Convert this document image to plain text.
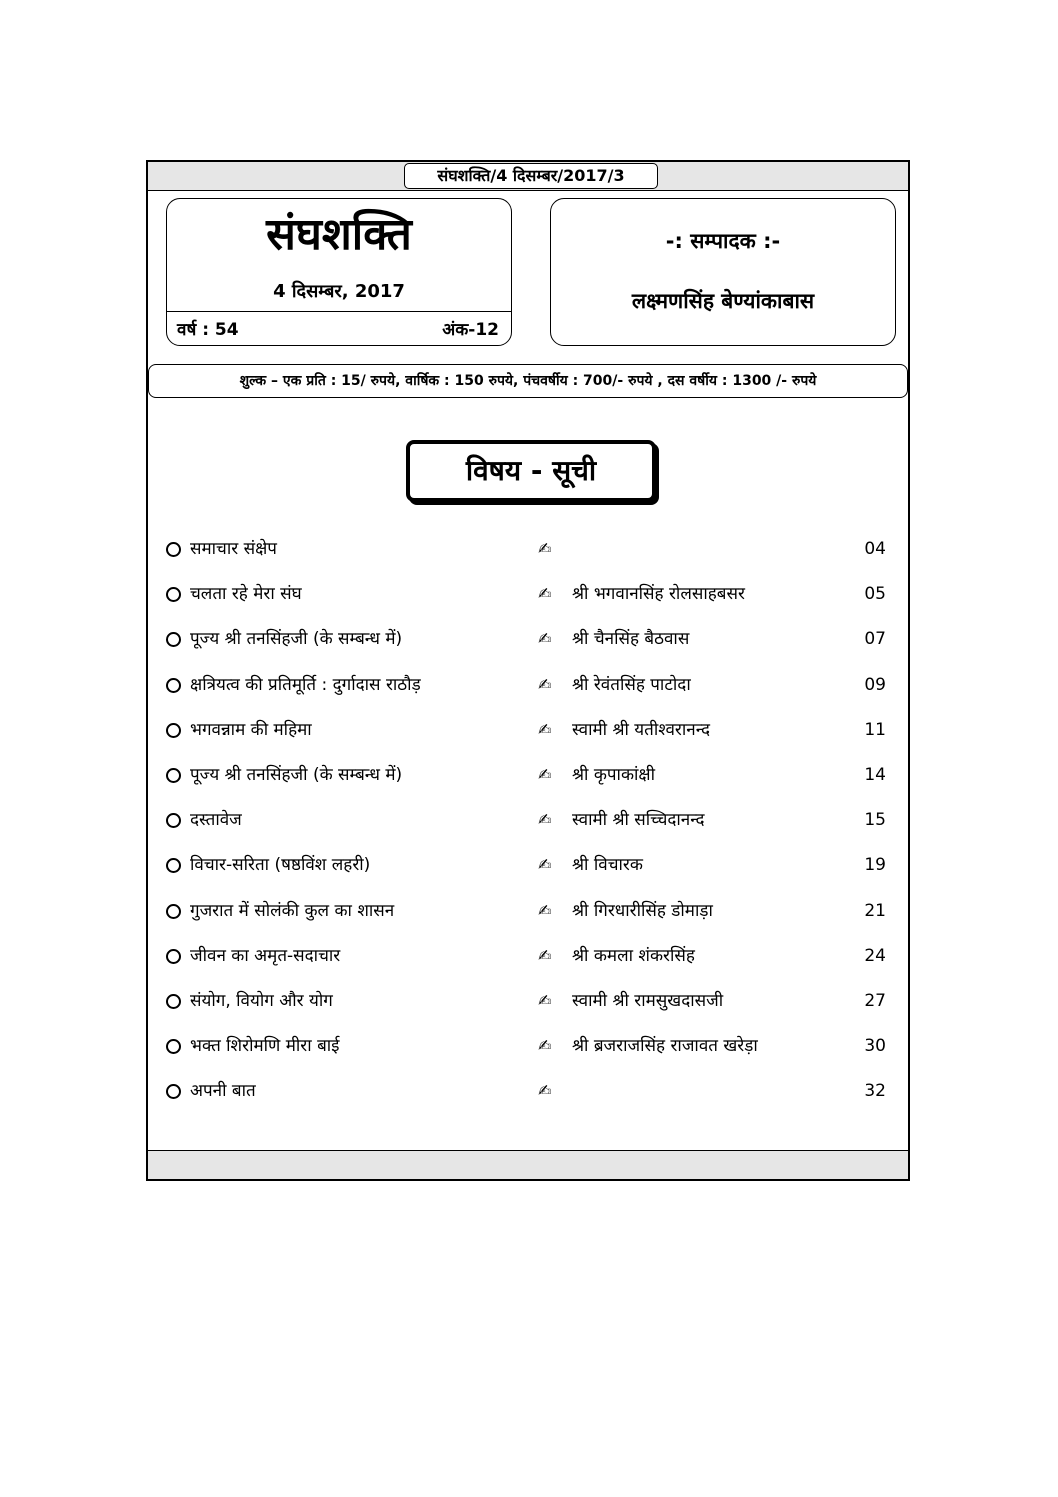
संघशक्ति/4 दिसम्बर/2017/3
संघशक्ति
4 दिसम्बर, 2017
वर्ष : 54	अंक-12
-: सम्पादक :-
लक्ष्मणसिंह बेण्यांकाबास
शुल्क – एक प्रति : 15/ रुपये, वार्षिक : 150 रुपये, पंचवर्षीय : 700/- रुपये , दस वर्षीय : 1300 /- रुपये
विषय - सूची
समाचार संक्षेप	✍	04
चलता रहे मेरा संघ	✍ श्री भगवानसिंह रोलसाहबसर	05
पूज्य श्री तनसिंहजी (के सम्बन्ध में)	✍ श्री चैनसिंह बैठवास	07
क्षत्रियत्व की प्रतिमूर्ति : दुर्गादास राठौड़	✍ श्री रेवंतसिंह पाटोदा	09
भगवन्नाम की महिमा	✍ स्वामी श्री यतीश्वरानन्द	11
पूज्य श्री तनसिंहजी (के सम्बन्ध में)	✍ श्री कृपाकांक्षी	14
दस्तावेज	✍ स्वामी श्री सच्चिदानन्द	15
विचार-सरिता (षष्ठविंश लहरी)	✍ श्री विचारक	19
गुजरात में सोलंकी कुल का शासन	✍ श्री गिरधारीसिंह डोमाड़ा	21
जीवन का अमृत-सदाचार	✍ श्री कमला शंकरसिंह	24
संयोग, वियोग और योग	✍ स्वामी श्री रामसुखदासजी	27
भक्त शिरोमणि मीरा बाई	✍ श्री ब्रजराजसिंह राजावत खरेड़ा	30
अपनी बात	✍	32
